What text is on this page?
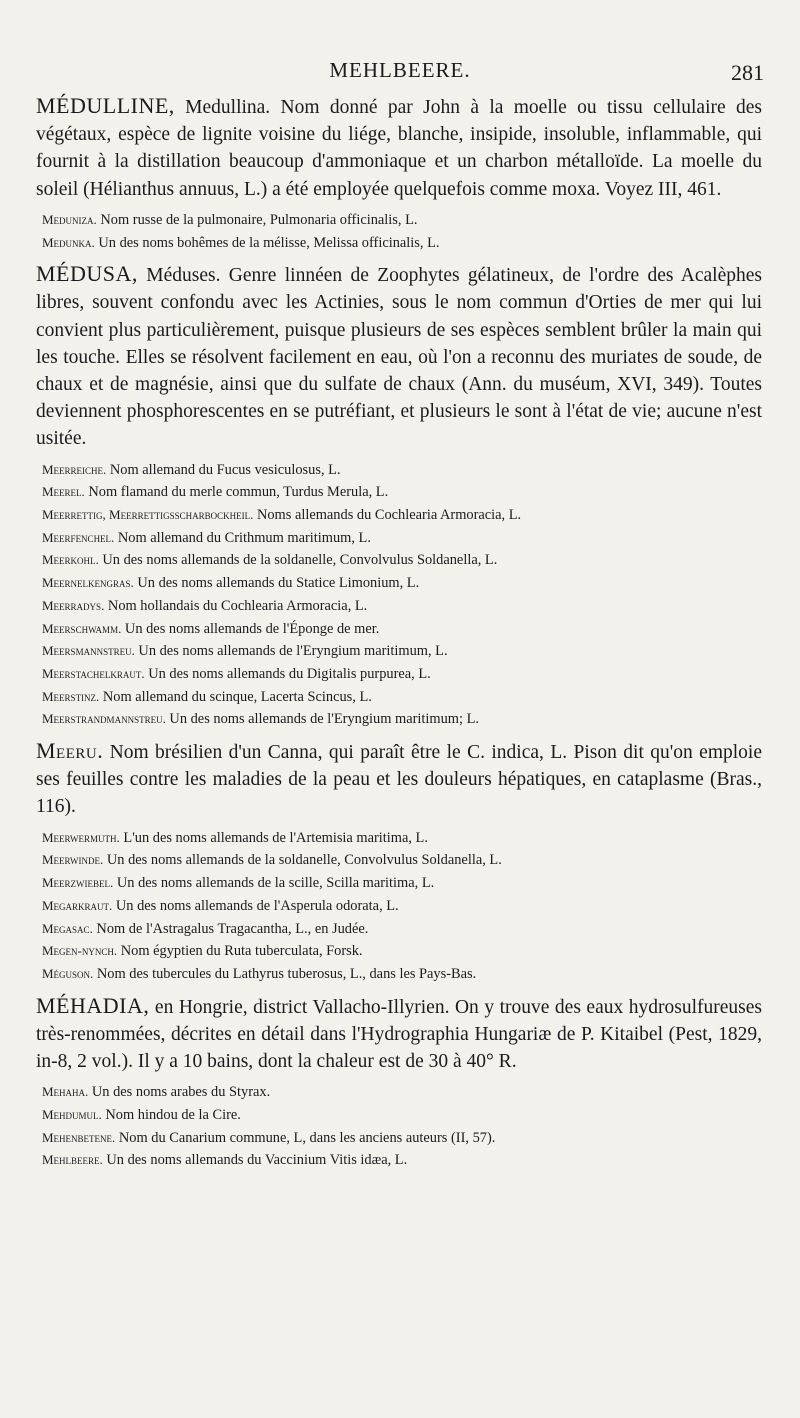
MEHLBEERE.	281

MÉDULLINE, Medullina. Nom donné par John à la moelle ou tissu cellulaire des végétaux, espèce de lignite voisine du liége, blanche, insipide, insoluble, inflammable, qui fournit à la distillation beaucoup d'ammoniaque et un charbon métalloïde. La moelle du soleil (Hélianthus annuus, L.) a été employée quelquefois comme moxa. Voyez III, 461.

Meduniza. Nom russe de la pulmonaire, Pulmonaria officinalis, L.

Medunka. Un des noms bohêmes de la mélisse, Melissa officinalis, L.

MÉDUSA, Méduses. Genre linnéen de Zoophytes gélatineux, de l'ordre des Acalèphes libres, souvent confondu avec les Actinies, sous le nom commun d'Orties de mer qui lui convient plus particulièrement, puisque plusieurs de ses espèces semblent brûler la main qui les touche. Elles se résolvent facilement en eau, où l'on a reconnu des muriates de soude, de chaux et de magnésie, ainsi que du sulfate de chaux (Ann. du muséum, XVI, 349). Toutes deviennent phosphorescentes en se putréfiant, et plusieurs le sont à l'état de vie; aucune n'est usitée.

Meerreiche. Nom allemand du Fucus vesiculosus, L.

Meerel. Nom flamand du merle commun, Turdus Merula, L.

Meerrettig, Meerrettigsscharbockheil. Noms allemands du Cochlearia Armoracia, L.

Meerfenchel. Nom allemand du Crithmum maritimum, L.

Meerkohl. Un des noms allemands de la soldanelle, Convolvulus Soldanella, L.

Meernelkengras. Un des noms allemands du Statice Limonium, L.

Meerradys. Nom hollandais du Cochlearia Armoracia, L.

Meerschwamm. Un des noms allemands de l'Éponge de mer.

Meersmannstreu. Un des noms allemands de l'Eryngium maritimum, L.

Meerstachelkraut. Un des noms allemands du Digitalis purpurea, L.

Meerstinz. Nom allemand du scinque, Lacerta Scincus, L.

Meerstrandmannstreu. Un des noms allemands de l'Eryngium maritimum; L.

Meeru. Nom brésilien d'un Canna, qui paraît être le C. indica, L. Pison dit qu'on emploie ses feuilles contre les maladies de la peau et les douleurs hépatiques, en cataplasme (Bras., 116).

Meerwermuth. L'un des noms allemands de l'Artemisia maritima, L.

Meerwinde. Un des noms allemands de la soldanelle, Convolvulus Soldanella, L.

Meerzwiebel. Un des noms allemands de la scille, Scilla maritima, L.

Megarkraut. Un des noms allemands de l'Asperula odorata, L.

Megasac. Nom de l'Astragalus Tragacantha, L., en Judée.

Megen-nynch. Nom égyptien du Ruta tuberculata, Forsk.

Méguson. Nom des tubercules du Lathyrus tuberosus, L., dans les Pays-Bas.

MÉHADIA, en Hongrie, district Vallacho-Illyrien. On y trouve des eaux hydrosulfureuses très-renommées, décrites en détail dans l'Hydrographia Hungariæ de P. Kitaibel (Pest, 1829, in-8, 2 vol.). Il y a 10 bains, dont la chaleur est de 30 à 40° R.

Mehaha. Un des noms arabes du Styrax.

Mehdumul. Nom hindou de la Cire.

Mehenbetene. Nom du Canarium commune, L, dans les anciens auteurs (II, 57).

Mehlbeere. Un des noms allemands du Vaccinium Vitis idæa, L.
